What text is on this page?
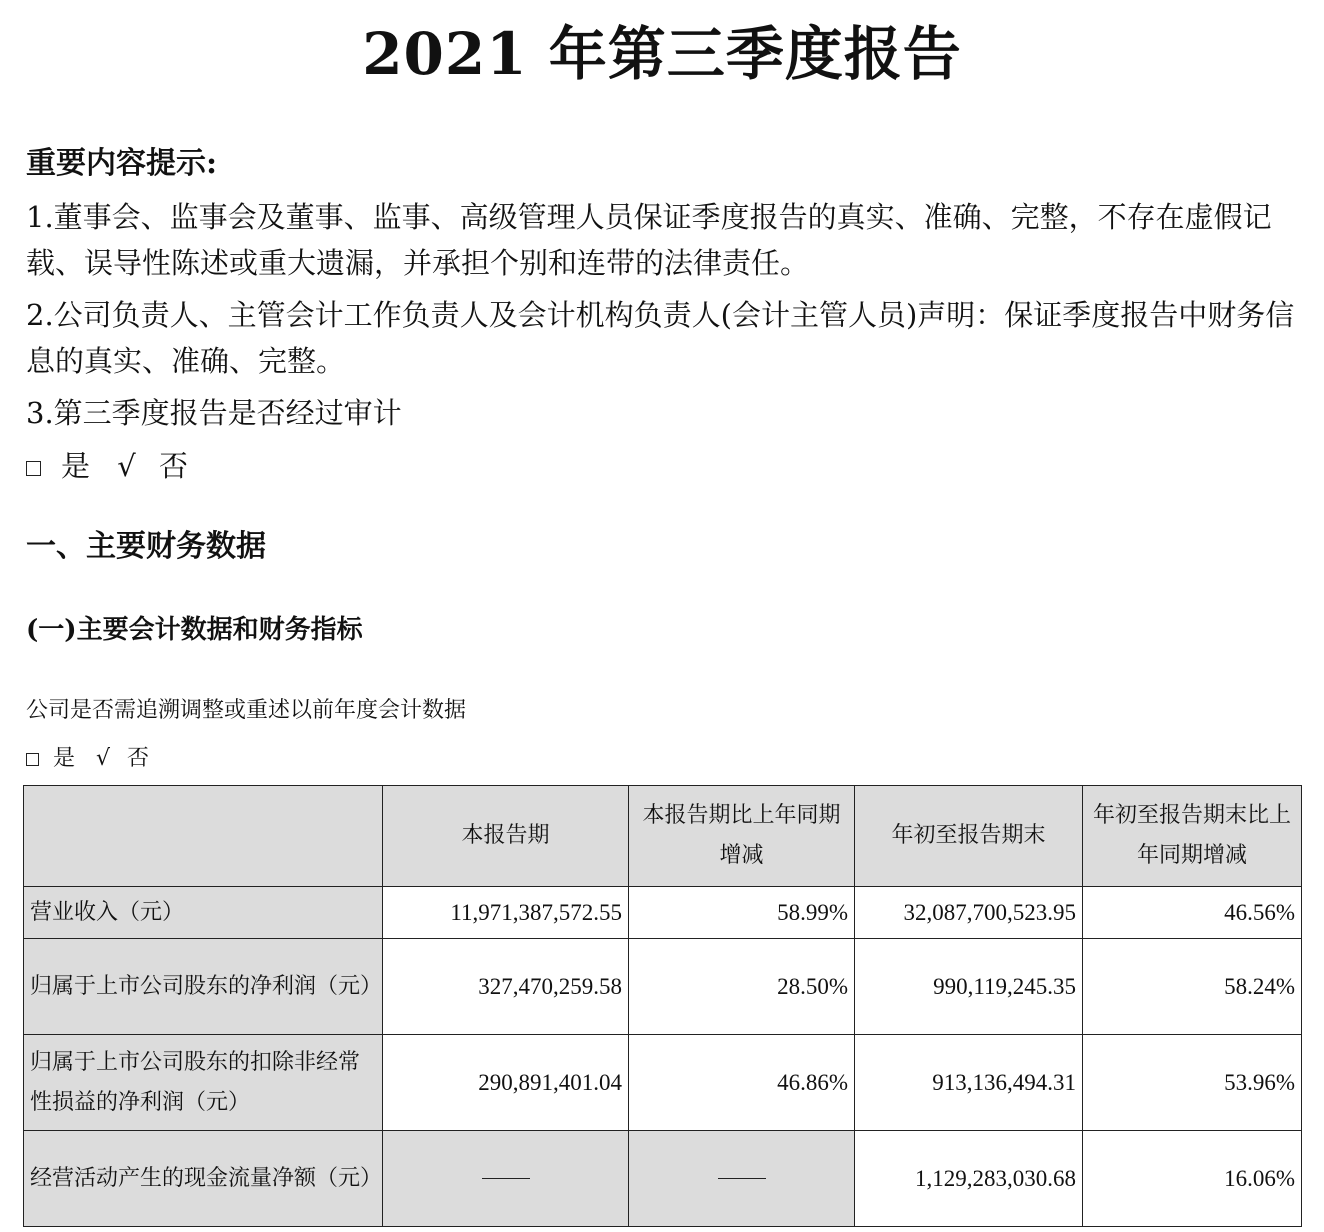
2021 年第三季度报告
重要内容提示:
1.董事会、监事会及董事、监事、高级管理人员保证季度报告的真实、准确、完整，不存在虚假记载、误导性陈述或重大遗漏，并承担个别和连带的法律责任。
2.公司负责人、主管会计工作负责人及会计机构负责人(会计主管人员)声明：保证季度报告中财务信息的真实、准确、完整。
3.第三季度报告是否经过审计
是 √ 否
一、主要财务数据
(一)主要会计数据和财务指标
公司是否需追溯调整或重述以前年度会计数据
是 √ 否
	本报告期	本报告期比上年同期增减	年初至报告期末	年初至报告期末比上年同期增减
营业收入（元）	11,971,387,572.55	58.99%	32,087,700,523.95	46.56%
归属于上市公司股东的净利润（元）	327,470,259.58	28.50%	990,119,245.35	58.24%
归属于上市公司股东的扣除非经常性损益的净利润（元）	290,891,401.04	46.86%	913,136,494.31	53.96%
经营活动产生的现金流量净额（元）			1,129,283,030.68	16.06%
